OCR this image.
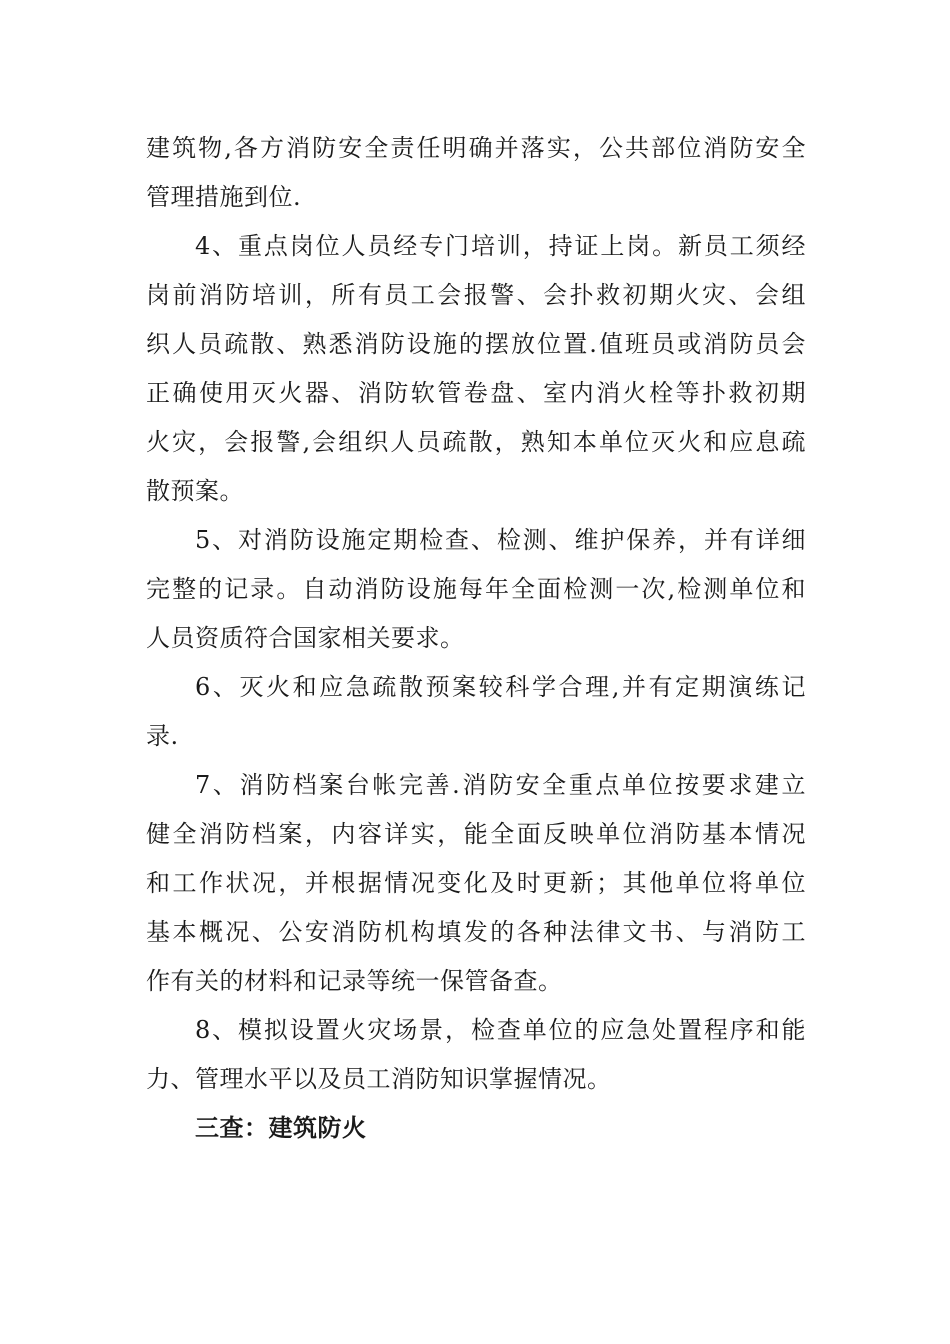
建筑物,各方消防安全责任明确并落实，公共部位消防安全
管理措施到位.
4、重点岗位人员经专门培训，持证上岗。新员工须经
岗前消防培训，所有员工会报警、会扑救初期火灾、会组
织人员疏散、熟悉消防设施的摆放位置.值班员或消防员会
正确使用灭火器、消防软管卷盘、室内消火栓等扑救初期
火灾，会报警,会组织人员疏散，熟知本单位灭火和应息疏
散预案。
5、对消防设施定期检查、检测、维护保养，并有详细
完整的记录。自动消防设施每年全面检测一次,检测单位和
人员资质符合国家相关要求。
6、灭火和应急疏散预案较科学合理,并有定期演练记
录.
7、消防档案台帐完善.消防安全重点单位按要求建立
健全消防档案，内容详实，能全面反映单位消防基本情况
和工作状况，并根据情况变化及时更新；其他单位将单位
基本概况、公安消防机构填发的各种法律文书、与消防工
作有关的材料和记录等统一保管备查。
8、模拟设置火灾场景，检查单位的应急处置程序和能
力、管理水平以及员工消防知识掌握情况。
三查：建筑防火
